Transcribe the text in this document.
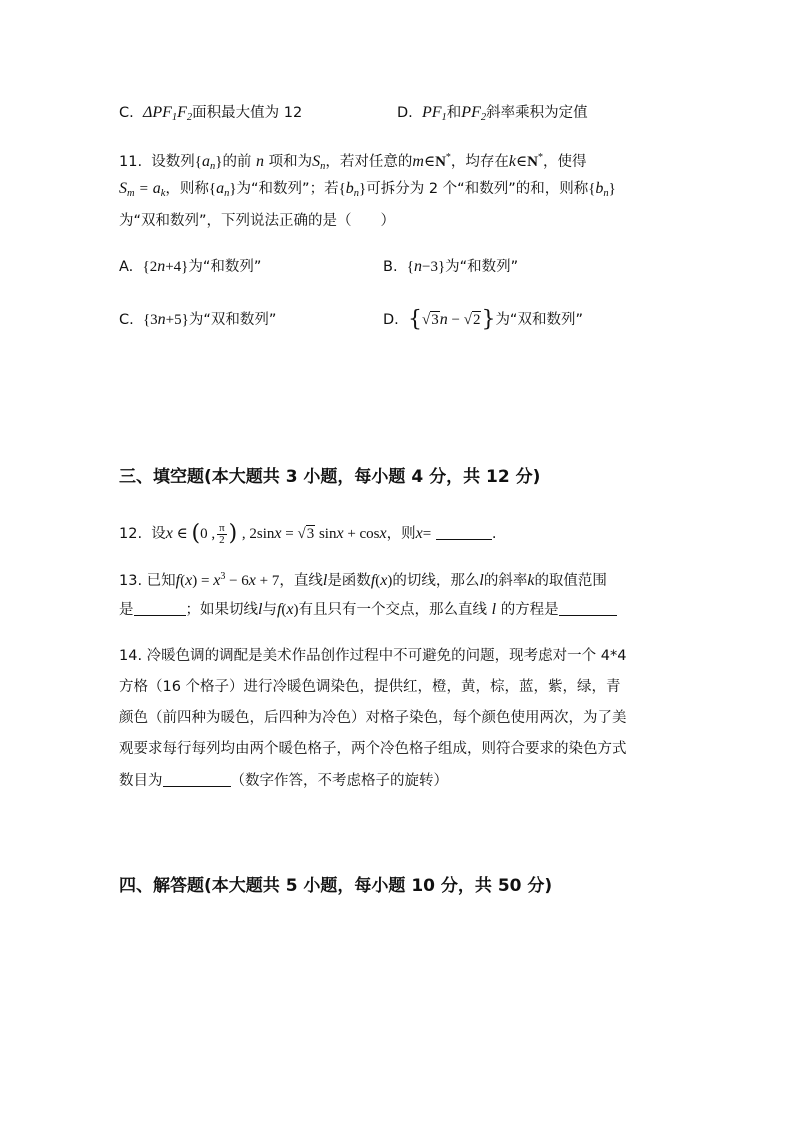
C. $\Delta PF_1F_2$面积最大值为 12	D. $PF_1$和$PF_2$斜率乘积为定值
11. 设数列$\{a_n\}$的前 n 项和为$S_n$，若对任意的m∈N*，均存在k∈N*，使得
$S_m = a_k$，则称$\{a_n\}$为“和数列”；若$\{b_n\}$可拆分为 2 个“和数列”的和，则称$\{b_n\}$
为“双和数列”，下列说法正确的是（　　）
A. {2n+4}为“和数列”	B. {n−3}为“和数列”
C. {3n+5}为“双和数列”	D. {√3n − √2}为“双和数列”
三、填空题(本大题共 3 小题，每小题 4 分，共 12 分)
12. 设x ∈ (0 , $\frac{\pi}{2}$ ) , 2sinx = √3 sinx + cosx，则x=	.
13. 已知$f(x) = x^3 - 6x + 7$，直线l是函数f(x)的切线，那么l的斜率k的取值范围
是	；如果切线l与f(x)有且只有一个交点，那么直线 l 的方程是
14. 冷暖色调的调配是美术作品创作过程中不可避免的问题，现考虑对一个 4*4
方格（16 个格子）进行冷暖色调染色，提供红，橙，黄，棕，蓝，紫，绿，青
颜色（前四种为暖色，后四种为冷色）对格子染色，每个颜色使用两次，为了美
观要求每行每列均由两个暖色格子，两个冷色格子组成，则符合要求的染色方式
数目为	（数字作答，不考虑格子的旋转）
四、解答题(本大题共 5 小题，每小题 10 分，共 50 分)
